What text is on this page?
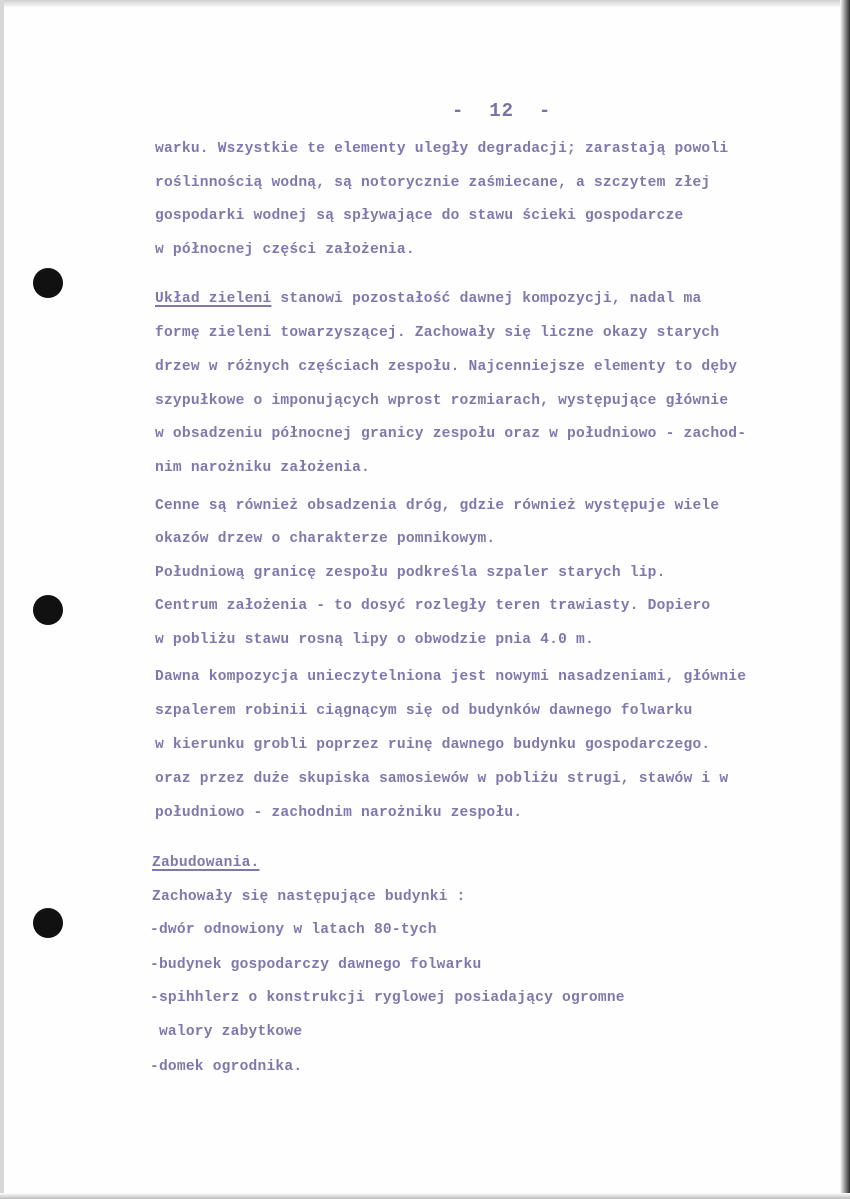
-  12  -
warku. Wszystkie te elementy uległy degradacji; zarastają powoli
roślinnością wodną, są notorycznie zaśmiecane, a szczytem złej
gospodarki wodnej są spływające do stawu ścieki gospodarcze
w północnej części założenia.
Układ zieleni stanowi pozostałość dawnej kompozycji, nadal ma
formę zieleni towarzyszącej. Zachowały się liczne okazy starych
drzew w różnych częściach zespołu. Najcenniejsze elementy to dęby
szypułkowe o imponujących wprost rozmiarach, występujące głównie
w obsadzeniu północnej granicy zespołu oraz w południowo - zachod-
nim narożniku założenia.
Cenne są również obsadzenia dróg, gdzie również występuje wiele
okazów drzew o charakterze pomnikowym.
Południową granicę zespołu podkreśla szpaler starych lip.
Centrum założenia - to dosyć rozległy teren trawiasty. Dopiero
w pobliżu stawu rosną lipy o obwodzie pnia 4.0 m.
Dawna kompozycja unieczytelniona jest nowymi nasadzeniami, głównie
szpalerem robinii ciągnącym się od budynków dawnego folwarku
w kierunku grobli poprzez ruinę dawnego budynku gospodarczego.
oraz przez duże skupiska samosiewów w pobliżu strugi, stawów i w
południowo - zachodnim narożniku zespołu.
Zabudowania.
Zachowały się następujące budynki :
-dwór odnowiony w latach 80-tych
-budynek gospodarczy dawnego folwarku
-spihhlerz o konstrukcji ryglowej posiadający ogromne
walory zabytkowe
-domek ogrodnika.
